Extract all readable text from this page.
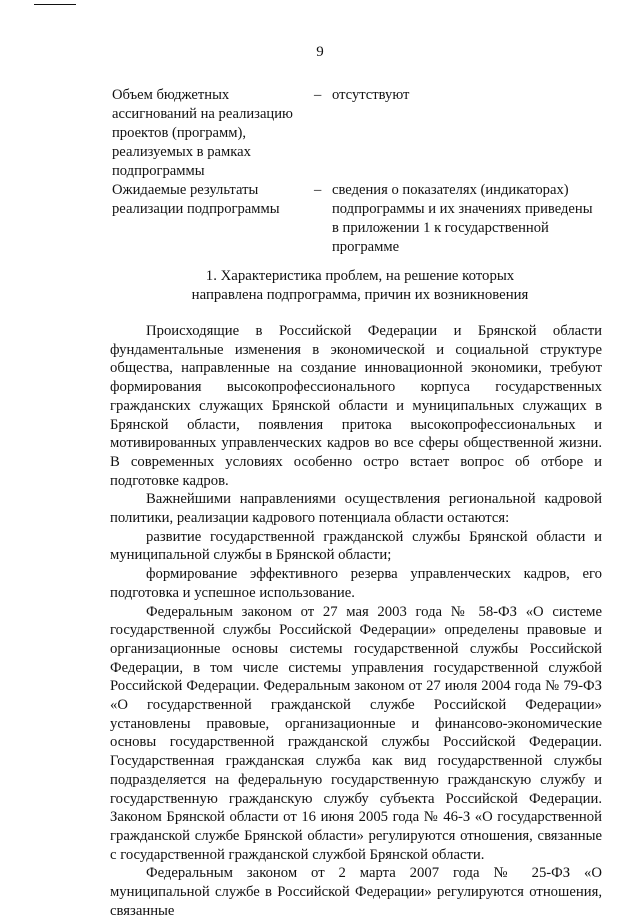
9
Объем бюджетных
ассигнований на реализацию
проектов (программ),
реализуемых в рамках
подпрограммы
– отсутствуют
Ожидаемые результаты
реализации подпрограммы
– сведения о показателях (индикаторах)
подпрограммы и их значениях приведены
в приложении 1 к государственной
программе
1. Характеристика проблем, на решение которых
направлена подпрограмма, причин их возникновения

Происходящие в Российской Федерации и Брянской области фундаментальные изменения в экономической и социальной структуре общества, направленные на создание инновационной экономики, требуют формирования высокопрофессионального корпуса государственных гражданских служащих Брянской области и муниципальных служащих в Брянской области, появления притока высокопрофессиональных и мотивированных управленческих кадров во все сферы общественной жизни. В современных условиях особенно остро встает вопрос об отборе и подготовке кадров.

Важнейшими направлениями осуществления региональной кадровой политики, реализации кадрового потенциала области остаются:

развитие государственной гражданской службы Брянской области и муниципальной службы в Брянской области;

формирование эффективного резерва управленческих кадров, его подготовка и успешное использование.

Федеральным законом от 27 мая 2003 года № 58-ФЗ «О системе государственной службы Российской Федерации» определены правовые и организационные основы системы государственной службы Российской Федерации, в том числе системы управления государственной службой Российской Федерации. Федеральным законом от 27 июля 2004 года № 79-ФЗ «О государственной гражданской службе Российской Федерации» установлены правовые, организационные и финансово-экономические основы государственной гражданской службы Российской Федерации. Государственная гражданская служба как вид государственной службы подразделяется на федеральную государственную гражданскую службу и государственную гражданскую службу субъекта Российской Федерации. Законом Брянской области от 16 июня 2005 года № 46-З «О государственной гражданской службе Брянской области» регулируются отношения, связанные с государственной гражданской службой Брянской области.

Федеральным законом от 2 марта 2007 года № 25-ФЗ «О муниципальной службе в Российской Федерации» регулируются отношения, связанные
